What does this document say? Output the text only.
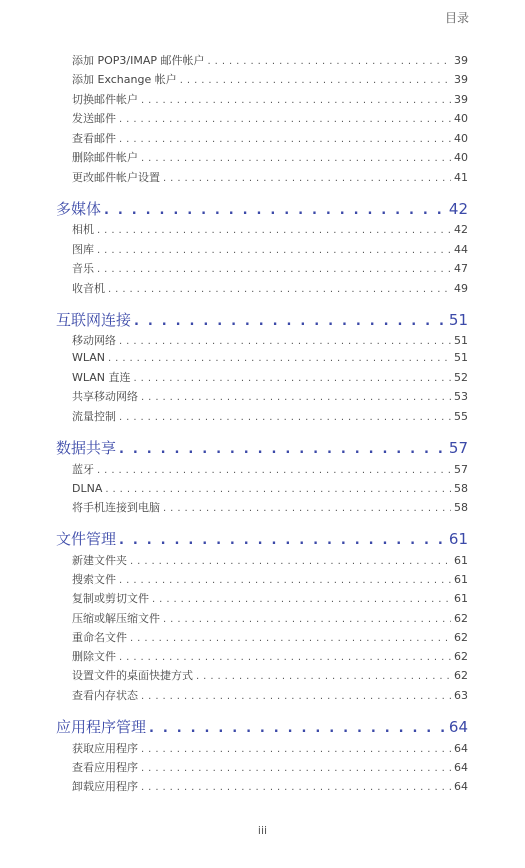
目录
添加 POP3/IMAP 邮件帐户 . . .	39
添加 Exchange 帐户 . . .	39
切换邮件帐户 . . .	39
发送邮件 . . .	40
查看邮件 . . .	40
删除邮件帐户 . . .	40
更改邮件帐户设置 . . .	41
多媒体 . . .	42
相机 . . .	42
图库 . . .	44
音乐 . . .	47
收音机 . . .	49
互联网连接 . . .	51
移动网络 . . .	51
WLAN . . .	51
WLAN 直连 . . .	52
共享移动网络 . . .	53
流量控制 . . .	55
数据共享 . . .	57
蓝牙 . . .	57
DLNA . . .	58
将手机连接到电脑 . . .	58
文件管理 . . .	61
新建文件夹 . . .	61
搜索文件 . . .	61
复制或剪切文件 . . .	61
压缩或解压缩文件 . . .	62
重命名文件 . . .	62
删除文件 . . .	62
设置文件的桌面快捷方式 . . .	62
查看内存状态 . . .	63
应用程序管理 . . .	64
获取应用程序 . . .	64
查看应用程序 . . .	64
卸载应用程序 . . .	64
iii
